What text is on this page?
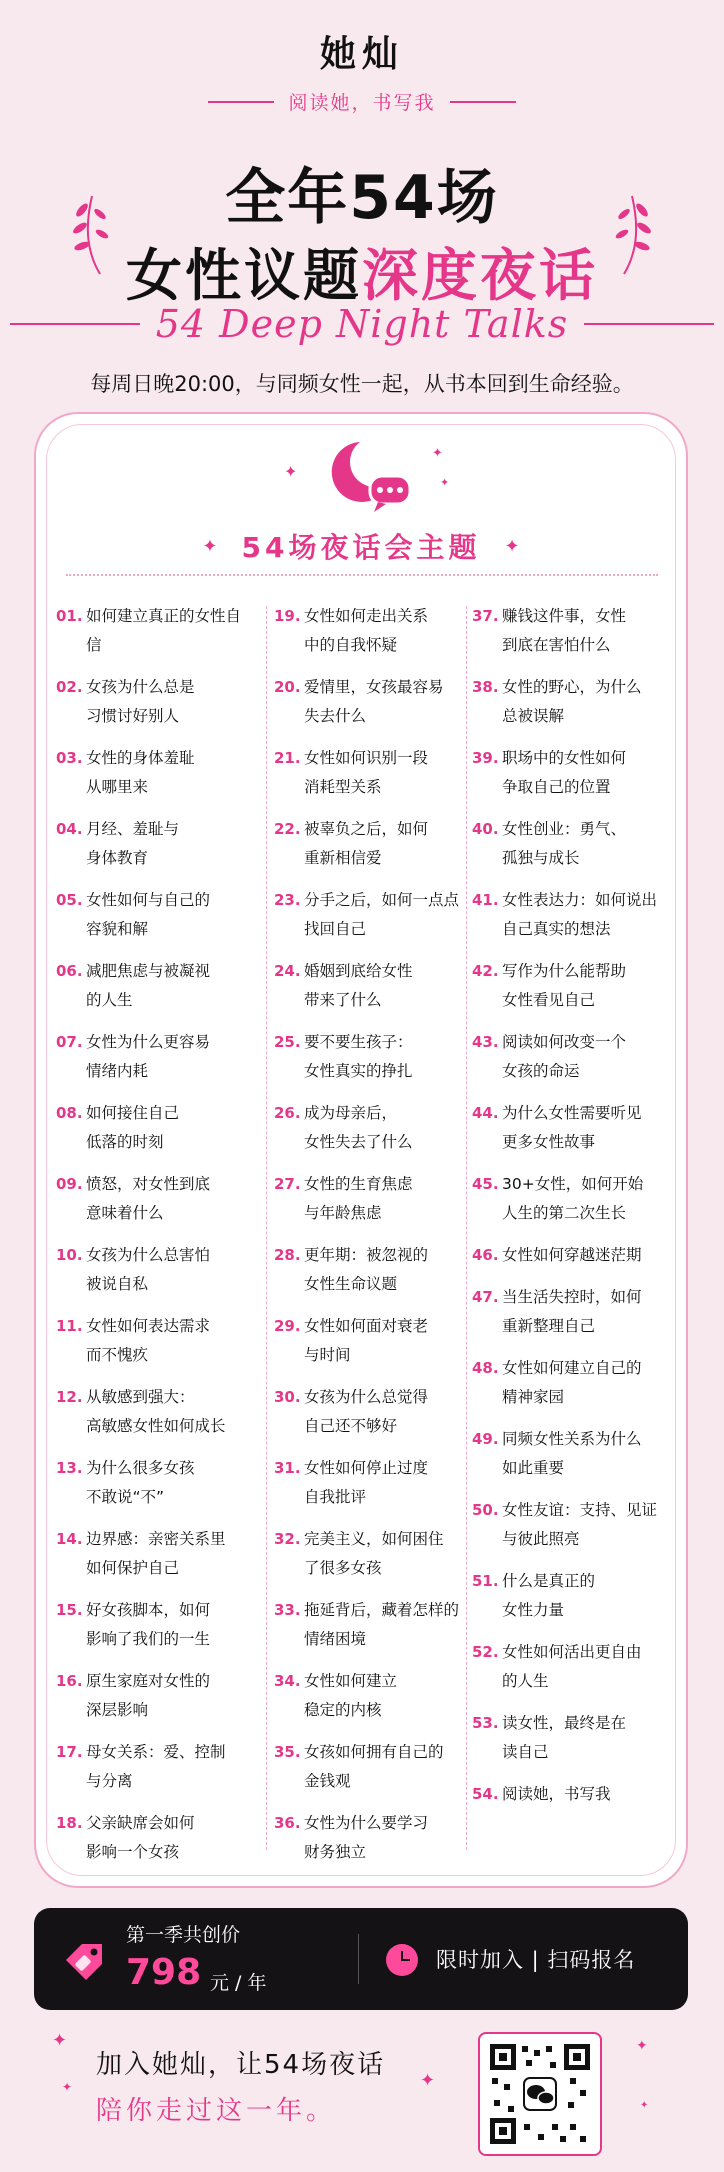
她灿
阅读她，书写我
全年54场
女性议题深度夜话
54 Deep Night Talks
每周日晚20:00，与同频女性一起，从书本回到生命经验。
✦
✦
✦
✦ 54场夜话会主题 ✦
01. 如何建立真正的女性自信
02. 女孩为什么总是
习惯讨好别人
03. 女性的身体羞耻
从哪里来
04. 月经、羞耻与
身体教育
05. 女性如何与自己的
容貌和解
06. 减肥焦虑与被凝视
的人生
07. 女性为什么更容易
情绪内耗
08. 如何接住自己
低落的时刻
09. 愤怒，对女性到底
意味着什么
10. 女孩为什么总害怕
被说自私
11. 女性如何表达需求
而不愧疚
12. 从敏感到强大：
高敏感女性如何成长
13. 为什么很多女孩
不敢说“不”
14. 边界感：亲密关系里
如何保护自己
15. 好女孩脚本，如何
影响了我们的一生
16. 原生家庭对女性的
深层影响
17. 母女关系：爱、控制
与分离
18. 父亲缺席会如何
影响一个女孩
19. 女性如何走出关系
中的自我怀疑
20. 爱情里，女孩最容易
失去什么
21. 女性如何识别一段
消耗型关系
22. 被辜负之后，如何
重新相信爱
23. 分手之后，如何一点点
找回自己
24. 婚姻到底给女性
带来了什么
25. 要不要生孩子：
女性真实的挣扎
26. 成为母亲后，
女性失去了什么
27. 女性的生育焦虑
与年龄焦虑
28. 更年期：被忽视的
女性生命议题
29. 女性如何面对衰老
与时间
30. 女孩为什么总觉得
自己还不够好
31. 女性如何停止过度
自我批评
32. 完美主义，如何困住
了很多女孩
33. 拖延背后，藏着怎样的
情绪困境
34. 女性如何建立
稳定的内核
35. 女孩如何拥有自己的
金钱观
36. 女性为什么要学习
财务独立
37. 赚钱这件事，女性
到底在害怕什么
38. 女性的野心，为什么
总被误解
39. 职场中的女性如何
争取自己的位置
40. 女性创业：勇气、
孤独与成长
41. 女性表达力：如何说出
自己真实的想法
42. 写作为什么能帮助
女性看见自己
43. 阅读如何改变一个
女孩的命运
44. 为什么女性需要听见
更多女性故事
45. 30+女性，如何开始
人生的第二次生长
46. 女性如何穿越迷茫期
47. 当生活失控时，如何
重新整理自己
48. 女性如何建立自己的
精神家园
49. 同频女性关系为什么
如此重要
50. 女性友谊：支持、见证
与彼此照亮
51. 什么是真正的
女性力量
52. 女性如何活出更自由
的人生
53. 读女性，最终是在
读自己
54. 阅读她，书写我
第一季共创价
798 元 / 年
限时加入 | 扫码报名
✦
✦	✦
✦
✦
加入她灿，让54场夜话
陪你走过这一年。
